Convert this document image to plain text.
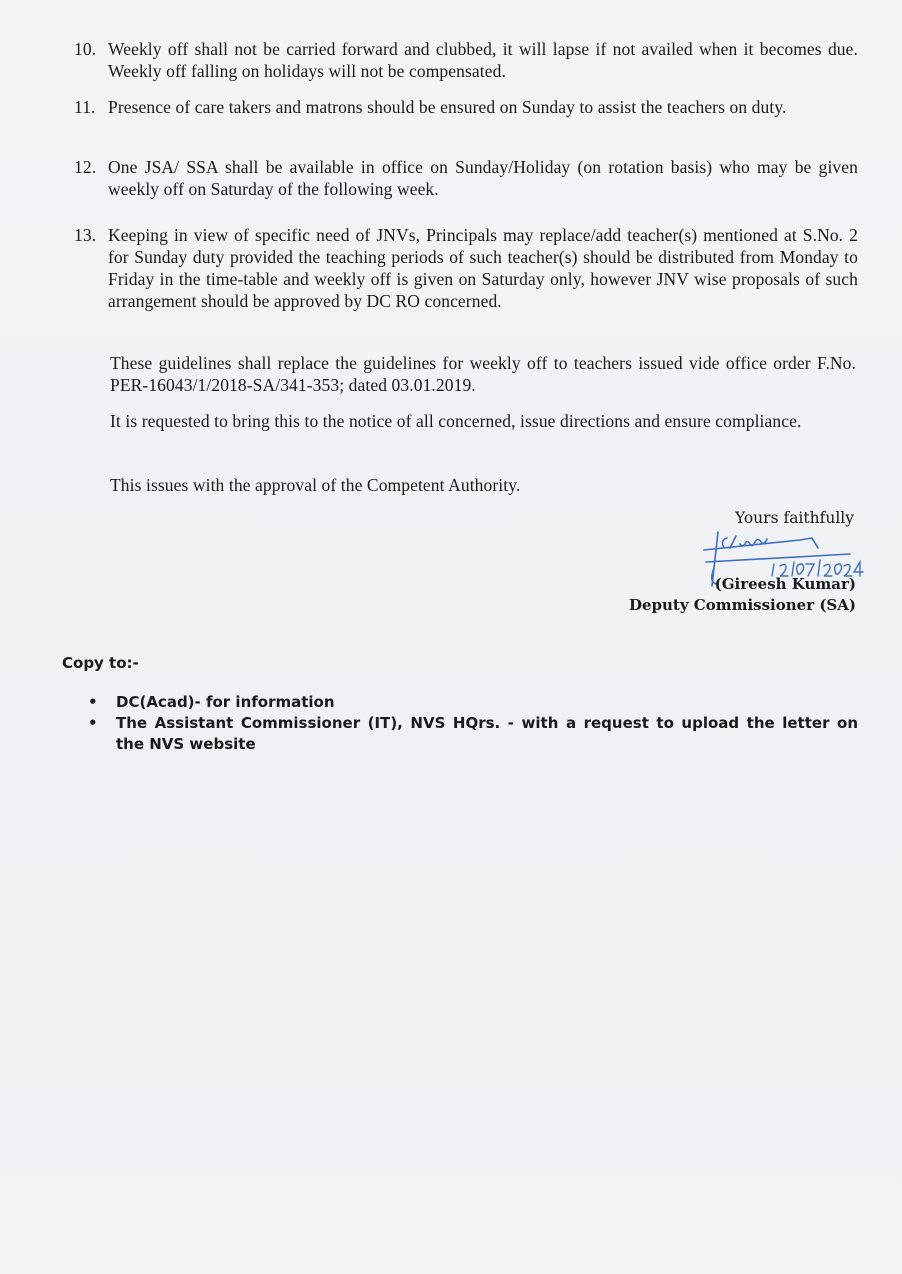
10. Weekly off shall not be carried forward and clubbed, it will lapse if not availed when it becomes due. Weekly off falling on holidays will not be compensated.
11. Presence of care takers and matrons should be ensured on Sunday to assist the teachers on duty.
12. One JSA/ SSA shall be available in office on Sunday/Holiday (on rotation basis) who may be given weekly off on Saturday of the following week.
13. Keeping in view of specific need of JNVs, Principals may replace/add teacher(s) mentioned at S.No. 2 for Sunday duty provided the teaching periods of such teacher(s) should be distributed from Monday to Friday in the time-table and weekly off is given on Saturday only, however JNV wise proposals of such arrangement should be approved by DC RO concerned.

These guidelines shall replace the guidelines for weekly off to teachers issued vide office order F.No. PER-16043/1/2018-SA/341-353; dated 03.01.2019.

It is requested to bring this to the notice of all concerned, issue directions and ensure compliance.

This issues with the approval of the Competent Authority.

Yours faithfully
(Gireesh Kumar)
Deputy Commissioner (SA)
Copy to:-
•	DC(Acad)- for information
•	The Assistant Commissioner (IT), NVS HQrs. - with a request to upload the letter on the NVS website
